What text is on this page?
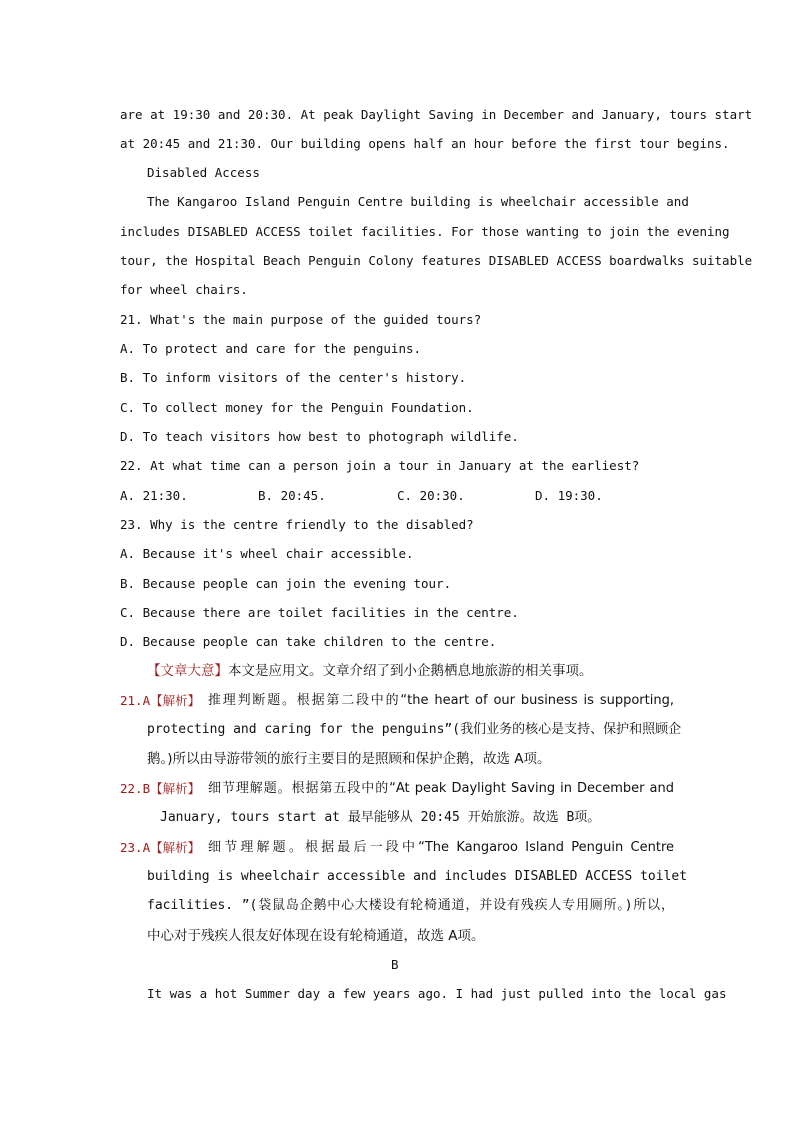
are at 19:30 and 20:30. At peak Daylight Saving in December and January, tours start
at 20:45 and 21:30. Our building opens half an hour before the first tour begins.
Disabled Access
The Kangaroo Island Penguin Centre building is wheelchair accessible and
includes DISABLED ACCESS toilet facilities. For those wanting to join the evening
tour, the Hospital Beach Penguin Colony features DISABLED ACCESS boardwalks suitable
for wheel chairs.
21. What's the main purpose of the guided tours?
A. To protect and care for the penguins.
B. To inform visitors of the center's history.
C. To collect money for the Penguin Foundation.
D. To teach visitors how best to photograph wildlife.
22. At what time can a person join a tour in January at the earliest?
A. 21:30.	B. 20:45.	C. 20:30.	D. 19:30.
23. Why is the centre friendly to the disabled?
A. Because it's wheel chair accessible.
B. Because people can join the evening tour.
C. Because there are toilet facilities in the centre.
D. Because people can take children to the centre.
【文章大意】本文是应用文。文章介绍了到小企鹅栖息地旅游的相关事项。
21.A【解析】 推理判断题。根据第二段中的“the heart of our business is supporting,
protecting and caring for the penguins”(我们业务的核心是支持、保护和照顾企
鹅。)所以由导游带领的旅行主要目的是照顾和保护企鹅，故选 A项。
22.B【解析】 细节理解题。根据第五段中的“At peak Daylight Saving in December and
January, tours start at 最早能够从 20:45 开始旅游。故选 B项。
23.A【解析】 细节理解题。根据最后一段中“The Kangaroo Island Penguin Centre
building is wheelchair accessible and includes DISABLED ACCESS toilet
facilities. ”(袋鼠岛企鹅中心大楼设有轮椅通道，并设有残疾人专用厕所。)所以，
中心对于残疾人很友好体现在设有轮椅通道，故选 A项。
B
It was a hot Summer day a few years ago. I had just pulled into the local gas
